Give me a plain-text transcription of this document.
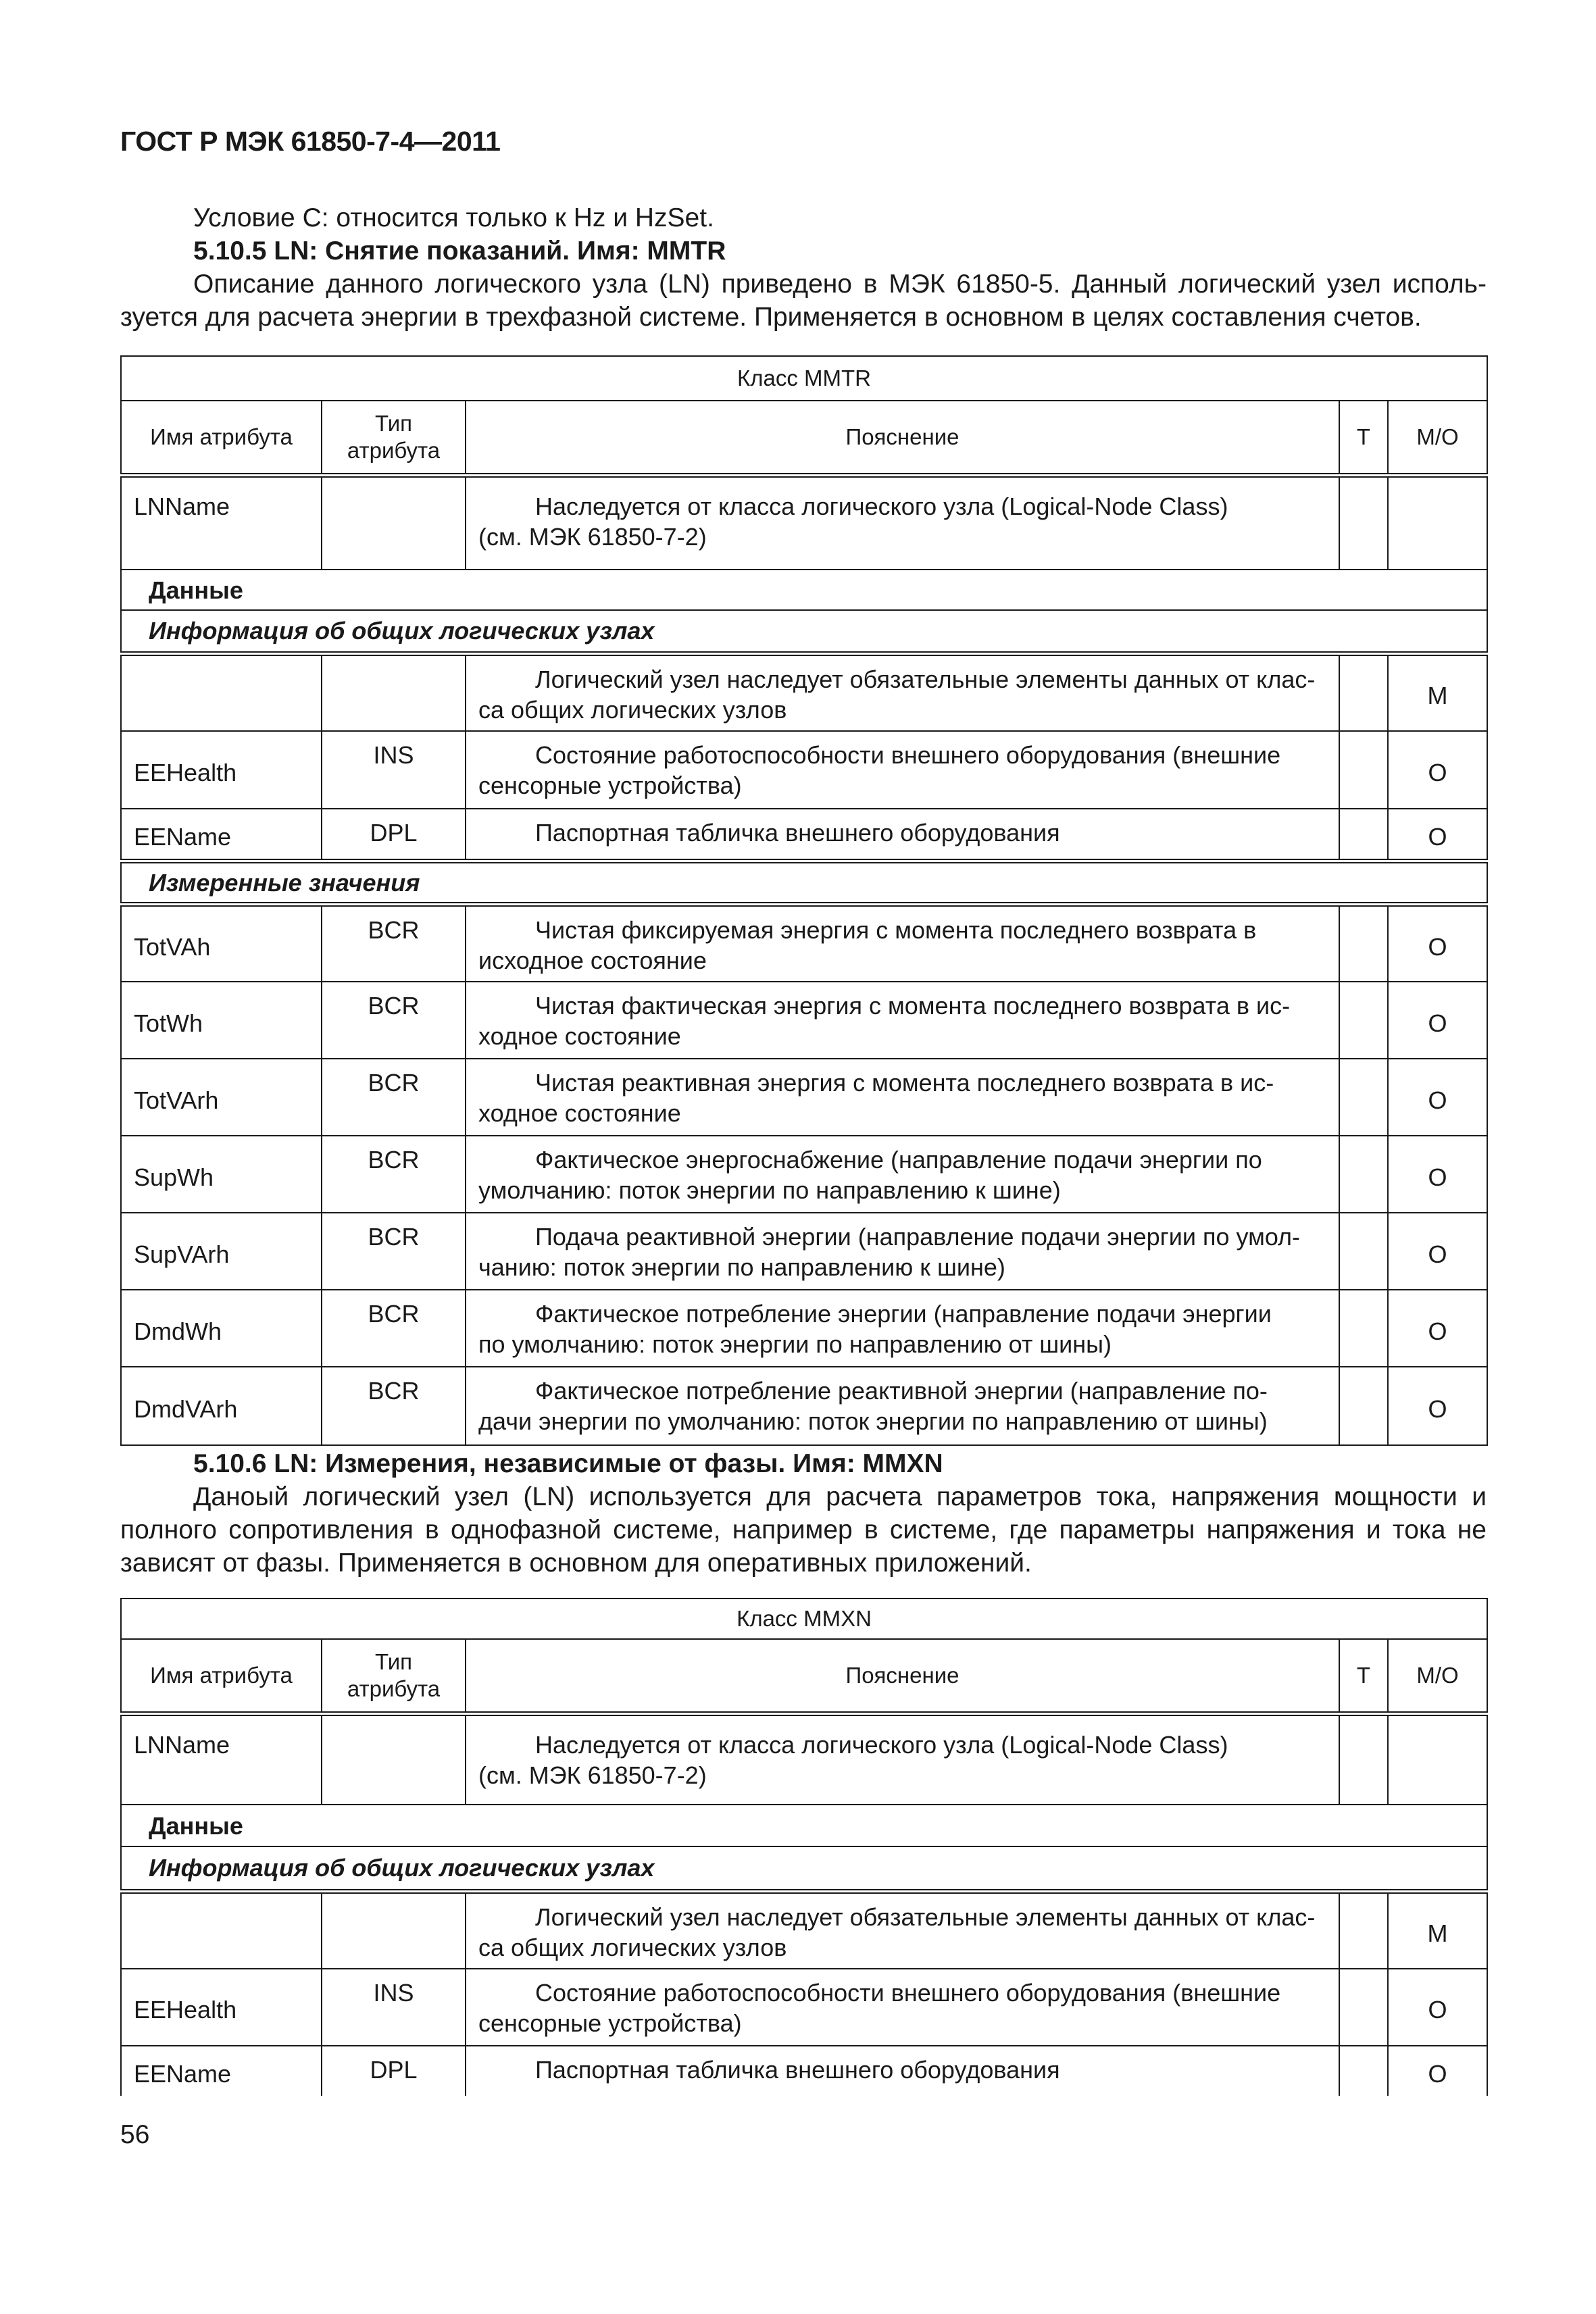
ГОСТ Р МЭК 61850-7-4—2011
Условие С: относится только к Hz и HzSet.
5.10.5 LN: Снятие показаний. Имя: MMTR
Описание данного логического узла (LN) приведено в МЭК 61850-5. Данный логический узел исполь-зуется для расчета энергии в трехфазной системе. Применяется в основном в целях составления счетов.
Класс MMTR				
Имя атрибута	Тип атрибута	Пояснение	Т	М/О
LNName		Наследуется от класса логического узла (Logical-Node Class)
(см. МЭК 61850-7-2)		

Данные				
Информация об общих логических узлах				

		Логический узел наследует обязательные элементы данных от клас-
са общих логических узлов		М
EEHealth	INS	Состояние работоспособности внешнего оборудования (внешние
сенсорные устройства)		О
EEName	DPL	Паспортная табличка внешнего оборудования		О
Измеренные значения				
TotVAh	BCR	Чистая фиксируемая энергия с момента последнего возврата в
исходное состояние		О
TotWh	BCR	Чистая фактическая энергия с момента последнего возврата в ис-
ходное состояние		О
TotVArh	BCR	Чистая реактивная энергия с момента последнего возврата в ис-
ходное состояние		О
SupWh	BCR	Фактическое энергоснабжение (направление подачи энергии по
умолчанию: поток энергии по направлению к шине)		О
SupVArh	BCR	Подача реактивной энергии (направление подачи энергии по умол-
чанию: поток энергии по направлению к шине)		О
DmdWh	BCR	Фактическое потребление энергии (направление подачи энергии
по умолчанию: поток энергии по направлению от шины)		О
DmdVArh	BCR	Фактическое потребление реактивной энергии (направление по-
дачи энергии по умолчанию: поток энергии по направлению от шины)		О
5.10.6 LN: Измерения, независимые от фазы. Имя: MMXN
Даноый логический узел (LN) используется для расчета параметров тока, напряжения мощности и полного сопротивления в однофазной системе, например в системе, где параметры напряжения и тока не зависят от фазы. Применяется в основном для оперативных приложений.
Класс MMXN				
Имя атрибута	Тип атрибута	Пояснение	Т	М/О
LNName		Наследуется от класса логического узла (Logical-Node Class)
(см. МЭК 61850-7-2)		

Данные				
Информация об общих логических узлах				

		Логический узел наследует обязательные элементы данных от клас-
са общих логических узлов		М
EEHealth	INS	Состояние работоспособности внешнего оборудования (внешние
сенсорные устройства)		О
EEName	DPL	Паспортная табличка внешнего оборудования		О
56
